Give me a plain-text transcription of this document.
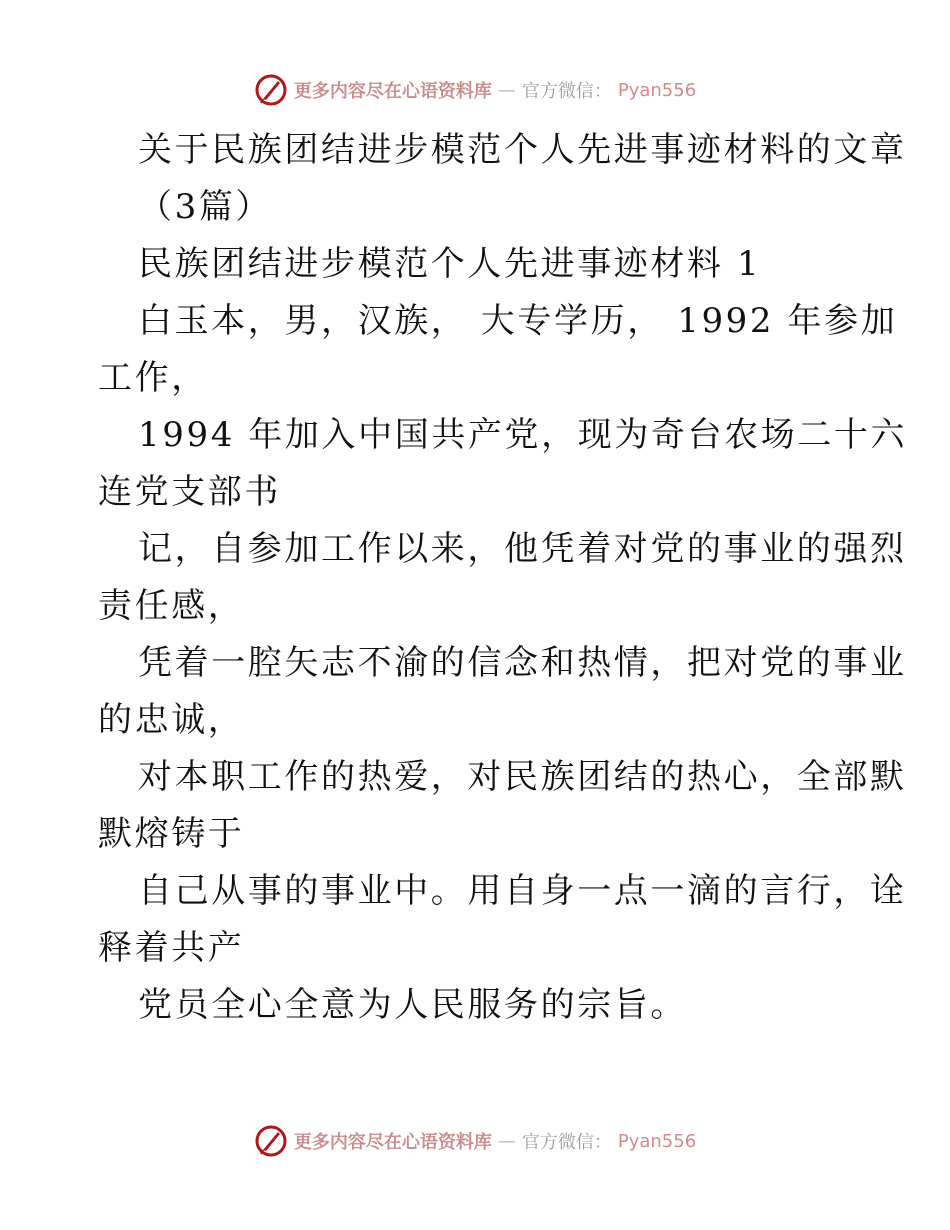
更多内容尽在心语资料库 — 官方微信： Pyan556
关于民族团结进步模范个人先进事迹材料的文章
（3篇）
民族团结进步模范个人先进事迹材料 1
白玉本，男，汉族， 大专学历， 1992 年参加
工作，
1994 年加入中国共产党，现为奇台农场二十六
连党支部书
记，自参加工作以来，他凭着对党的事业的强烈
责任感，
凭着一腔矢志不渝的信念和热情，把对党的事业
的忠诚，
对本职工作的热爱，对民族团结的热心，全部默
默熔铸于
自己从事的事业中。用自身一点一滴的言行，诠
释着共产
党员全心全意为人民服务的宗旨。
更多内容尽在心语资料库 — 官方微信： Pyan556
